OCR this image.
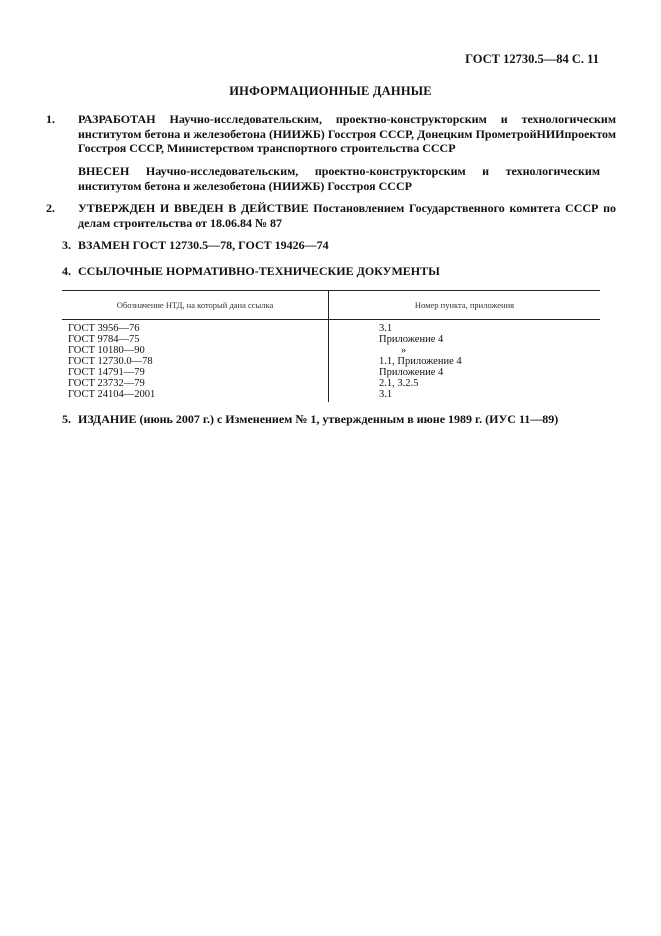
ГОСТ 12730.5—84 С. 11
ИНФОРМАЦИОННЫЕ ДАННЫЕ
1. РАЗРАБОТАН Научно-исследовательским, проектно-конструкторским и технологическим институтом бетона и железобетона (НИИЖБ) Госстроя СССР, Донецким ПрометройНИИпроектом Госстроя СССР, Министерством транспортного строительства СССР
ВНЕСЕН Научно-исследовательским, проектно-конструкторским и технологическим институтом бетона и железобетона (НИИЖБ) Госстроя СССР
2. УТВЕРЖДЕН И ВВЕДЕН В ДЕЙСТВИЕ Постановлением Государственного комитета СССР по делам строительства от 18.06.84 № 87
3. ВЗАМЕН ГОСТ 12730.5—78, ГОСТ 19426—74
4. ССЫЛОЧНЫЕ НОРМАТИВНО-ТЕХНИЧЕСКИЕ ДОКУМЕНТЫ
Обозначение НТД, на который дана ссылка	Номер пункта, приложения
ГОСТ 3956—76
ГОСТ 9784—75
ГОСТ 10180—90
ГОСТ 12730.0—78
ГОСТ 14791—79
ГОСТ 23732—79
ГОСТ 24104—2001
3.1
Приложение 4
»
1.1, Приложение 4
Приложение 4
2.1, 3.2.5
3.1
5. ИЗДАНИЕ (июнь 2007 г.) с Изменением № 1, утвержденным в июне 1989 г. (ИУС 11—89)
